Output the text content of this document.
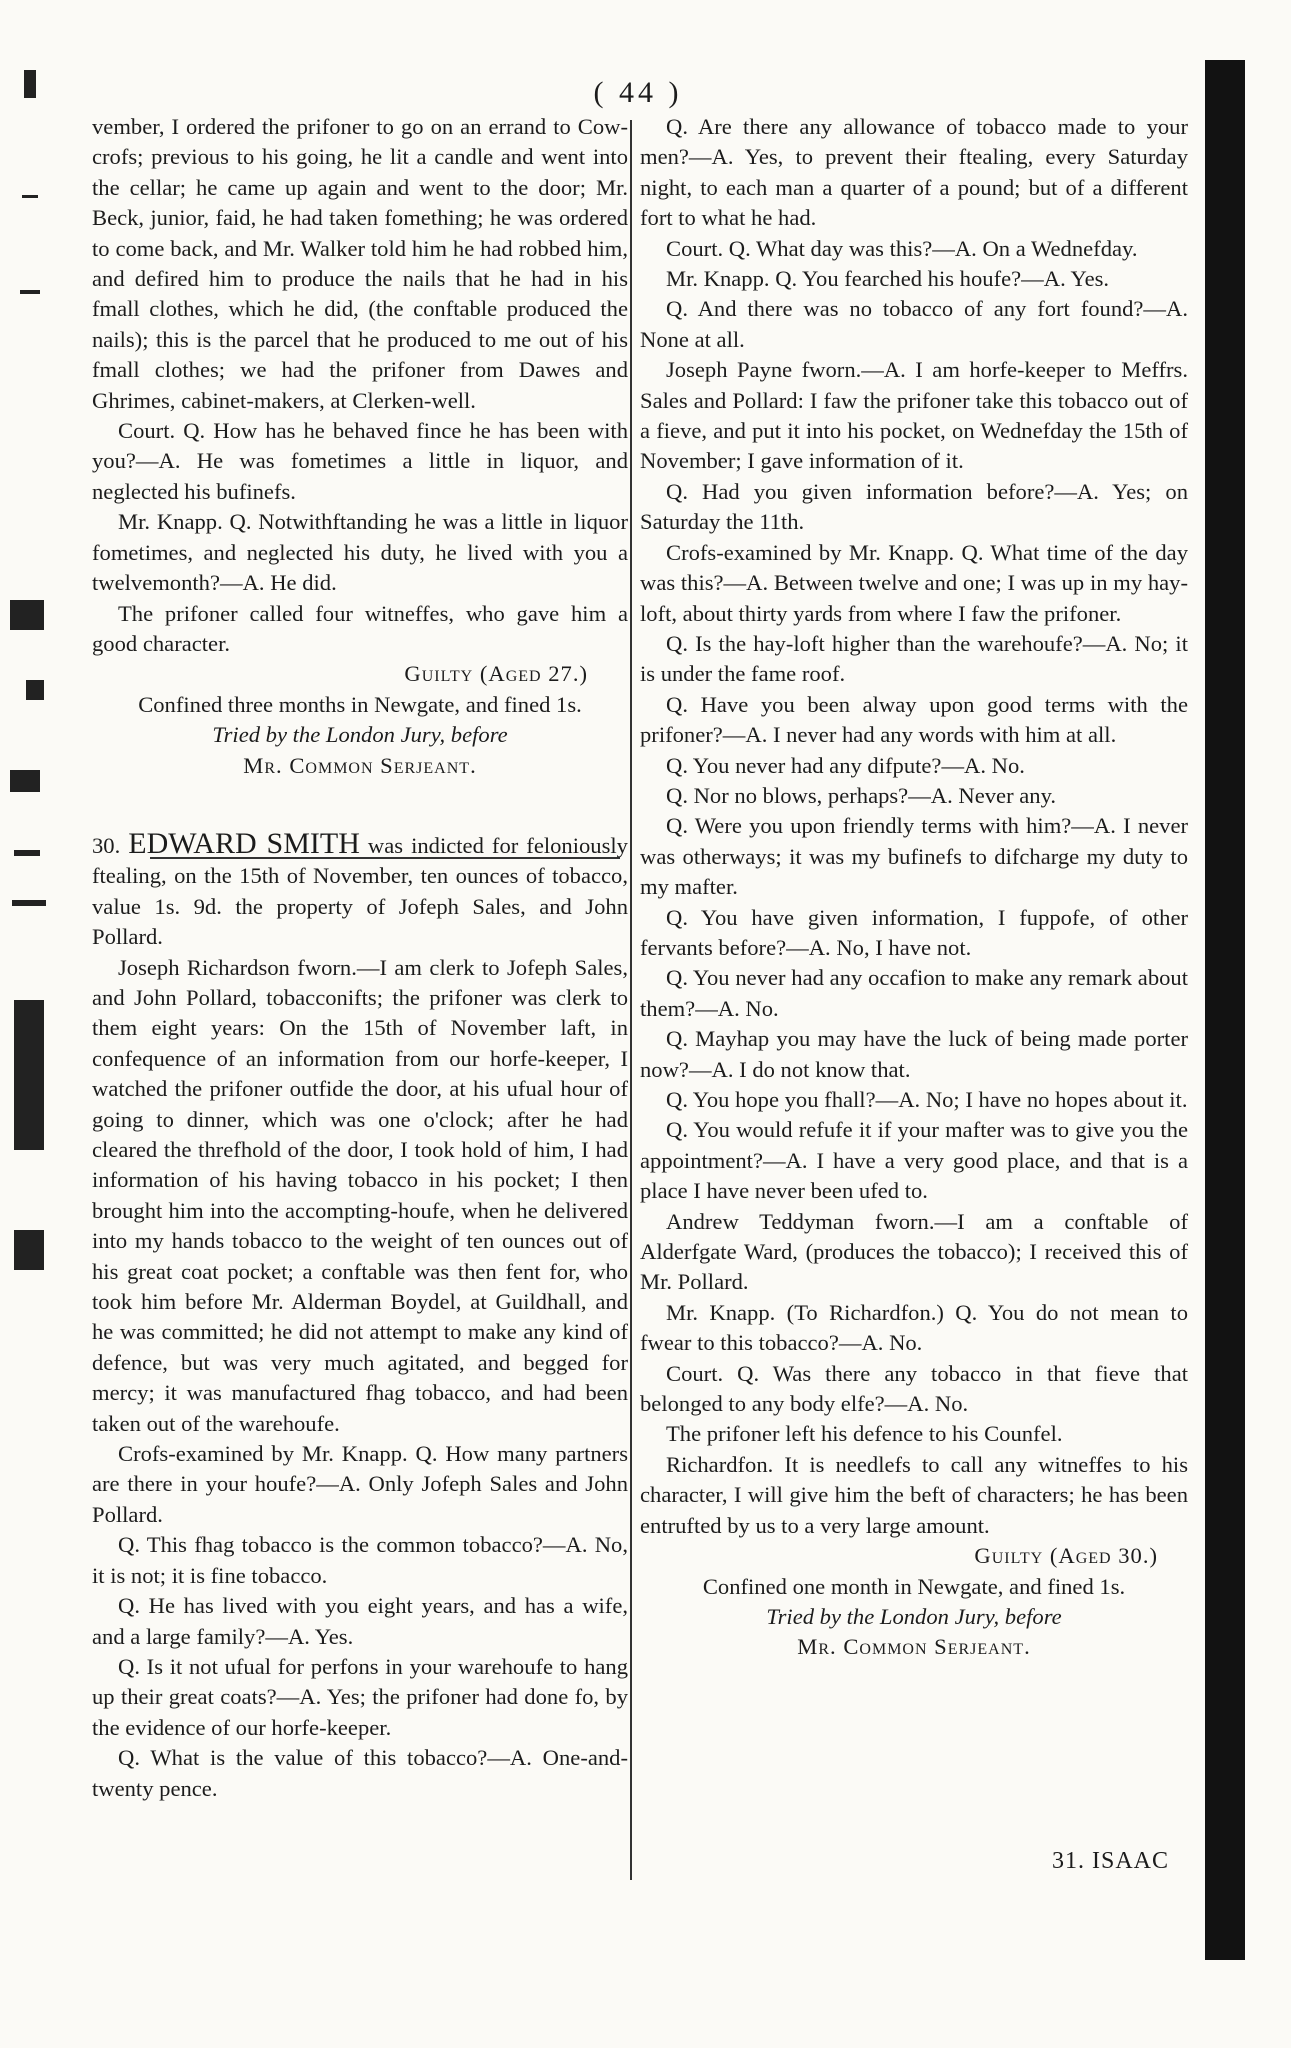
( 44 )

vember, I ordered the prifoner to go on an errand to Cow-crofs; previous to his going, he lit a candle and went into the cellar; he came up again and went to the door; Mr. Beck, junior, faid, he had taken fomething; he was ordered to come back, and Mr. Walker told him he had robbed him, and defired him to produce the nails that he had in his fmall clothes, which he did, (the conftable produced the nails); this is the parcel that he produced to me out of his fmall clothes; we had the prifoner from Dawes and Ghrimes, cabinet-makers, at Clerken-well.

Court. Q. How has he behaved fince he has been with you?—A. He was fometimes a little in liquor, and neglected his bufinefs.

Mr. Knapp. Q. Notwithftanding he was a little in liquor fometimes, and neglected his duty, he lived with you a twelvemonth?—A. He did.

The prifoner called four witneffes, who gave him a good character.

Guilty (Aged 27.)

Confined three months in Newgate, and fined 1s.

Tried by the London Jury, before

Mr. Common Serjeant.

30. EDWARD SMITH was indicted for feloniously ftealing, on the 15th of November, ten ounces of tobacco, value 1s. 9d. the property of Jofeph Sales, and John Pollard.

Joseph Richardson fworn.—I am clerk to Jofeph Sales, and John Pollard, tobacconifts; the prifoner was clerk to them eight years: On the 15th of November laft, in confequence of an information from our horfe-keeper, I watched the prifoner outfide the door, at his ufual hour of going to dinner, which was one o'clock; after he had cleared the threfhold of the door, I took hold of him, I had information of his having tobacco in his pocket; I then brought him into the accompting-houfe, when he delivered into my hands tobacco to the weight of ten ounces out of his great coat pocket; a conftable was then fent for, who took him before Mr. Alderman Boydel, at Guildhall, and he was committed; he did not attempt to make any kind of defence, but was very much agitated, and begged for mercy; it was manufactured fhag tobacco, and had been taken out of the warehoufe.

Crofs-examined by Mr. Knapp. Q. How many partners are there in your houfe?—A. Only Jofeph Sales and John Pollard.

Q. This fhag tobacco is the common tobacco?—A. No, it is not; it is fine tobacco.

Q. He has lived with you eight years, and has a wife, and a large family?—A. Yes.

Q. Is it not ufual for perfons in your warehoufe to hang up their great coats?—A. Yes; the prifoner had done fo, by the evidence of our horfe-keeper.

Q. What is the value of this tobacco?—A. One-and-twenty pence.

Q. Are there any allowance of tobacco made to your men?—A. Yes, to prevent their ftealing, every Saturday night, to each man a quarter of a pound; but of a different fort to what he had.

Court. Q. What day was this?—A. On a Wednefday.

Mr. Knapp. Q. You fearched his houfe?—A. Yes.

Q. And there was no tobacco of any fort found?—A. None at all.

Joseph Payne fworn.—A. I am horfe-keeper to Meffrs. Sales and Pollard: I faw the prifoner take this tobacco out of a fieve, and put it into his pocket, on Wednefday the 15th of November; I gave information of it.

Q. Had you given information before?—A. Yes; on Saturday the 11th.

Crofs-examined by Mr. Knapp. Q. What time of the day was this?—A. Between twelve and one; I was up in my hay-loft, about thirty yards from where I faw the prifoner.

Q. Is the hay-loft higher than the warehoufe?—A. No; it is under the fame roof.

Q. Have you been alway upon good terms with the prifoner?—A. I never had any words with him at all.

Q. You never had any difpute?—A. No.

Q. Nor no blows, perhaps?—A. Never any.

Q. Were you upon friendly terms with him?—A. I never was otherways; it was my bufinefs to difcharge my duty to my mafter.

Q. You have given information, I fuppofe, of other fervants before?—A. No, I have not.

Q. You never had any occafion to make any remark about them?—A. No.

Q. Mayhap you may have the luck of being made porter now?—A. I do not know that.

Q. You hope you fhall?—A. No; I have no hopes about it.

Q. You would refufe it if your mafter was to give you the appointment?—A. I have a very good place, and that is a place I have never been ufed to.

Andrew Teddyman fworn.—I am a conftable of Alderfgate Ward, (produces the tobacco); I received this of Mr. Pollard.

Mr. Knapp. (To Richardfon.) Q. You do not mean to fwear to this tobacco?—A. No.

Court. Q. Was there any tobacco in that fieve that belonged to any body elfe?—A. No.

The prifoner left his defence to his Counfel.

Richardfon. It is needlefs to call any witneffes to his character, I will give him the beft of characters; he has been entrufted by us to a very large amount.

Guilty (Aged 30.)

Confined one month in Newgate, and fined 1s.

Tried by the London Jury, before

Mr. Common Serjeant.

31. ISAAC
